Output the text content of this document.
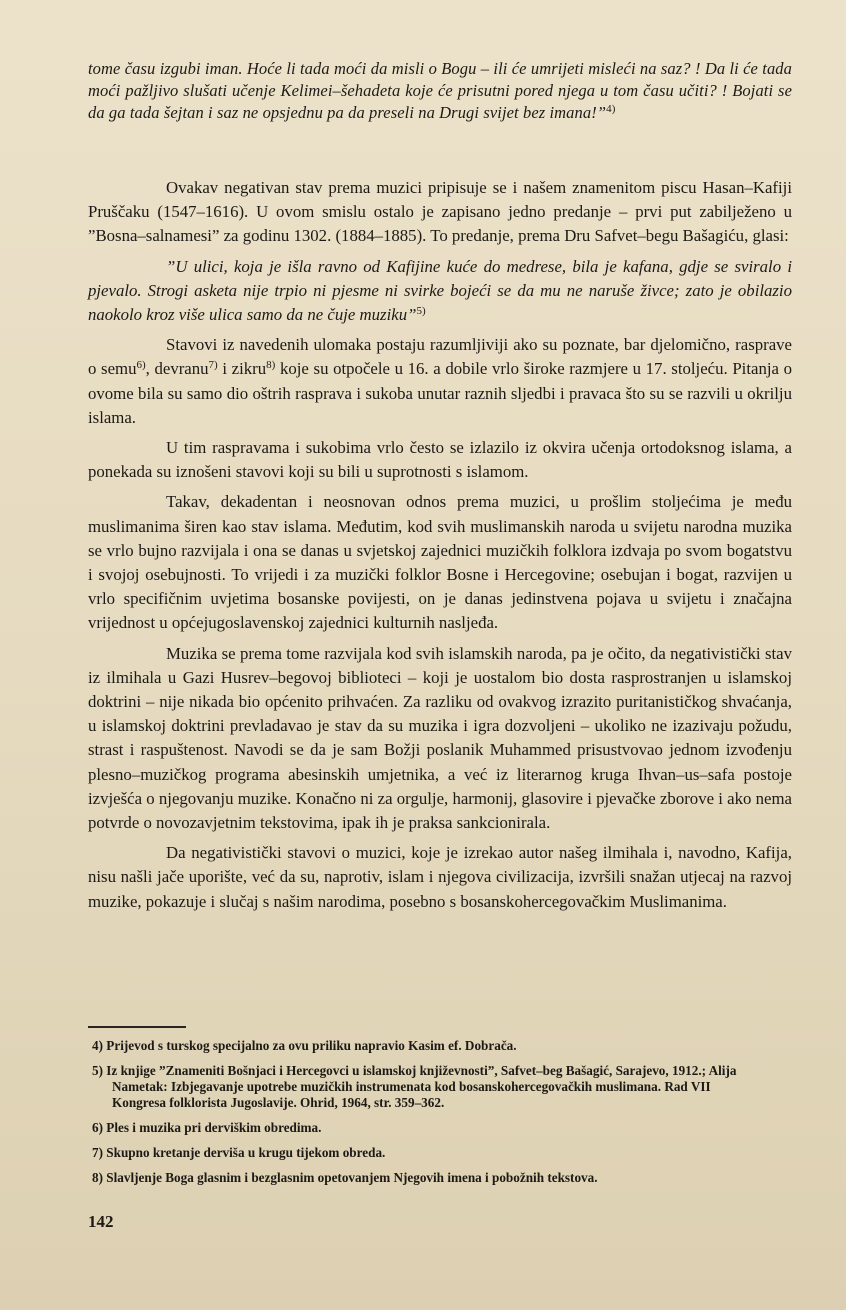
tome času izgubi iman. Hoće li tada moći da misli o Bogu – ili će umrijeti misleći na saz? ! Da li će tada moći pažljivo slušati učenje Kelimei–šehadeta koje će prisutni pored njega u tom času učiti? ! Bojati se da ga tada šejtan i saz ne opsjednu pa da preseli na Drugi svijet bez imana!”$^{4)}$

Ovakav negativan stav prema muzici pripisuje se i našem znamenitom piscu Hasan–Kafiji Pruščaku (1547–1616). U ovom smislu ostalo je zapisano jedno predanje – prvi put zabilježeno u ”Bosna–salnamesi” za godinu 1302. (1884–1885). To predanje, prema Dru Safvet–begu Bašagiću, glasi:

”U ulici, koja je išla ravno od Kafijine kuće do medrese, bila je kafana, gdje se sviralo i pjevalo. Strogi asketa nije trpio ni pjesme ni svirke bojeći se da mu ne naruše živce; zato je obilazio naokolo kroz više ulica samo da ne čuje muziku”$^{5)}$

Stavovi iz navedenih ulomaka postaju razumljiviji ako su poznate, bar djelomično, rasprave o semu$^{6)}$, devranu$^{7)}$ i zikru$^{8)}$ koje su otpočele u 16. a dobile vrlo široke razmjere u 17. stoljeću. Pitanja o ovome bila su samo dio oštrih rasprava i sukoba unutar raznih sljedbi i pravaca što su se razvili u okrilju islama.

U tim raspravama i sukobima vrlo često se izlazilo iz okvira učenja ortodoksnog islama, a ponekada su iznošeni stavovi koji su bili u suprotnosti s islamom.

Takav, dekadentan i neosnovan odnos prema muzici, u prošlim stoljećima je među muslimanima širen kao stav islama. Međutim, kod svih muslimanskih naroda u svijetu narodna muzika se vrlo bujno razvijala i ona se danas u svjetskoj zajednici muzičkih folklora izdvaja po svom bogatstvu i svojoj osebujnosti. To vrijedi i za muzički folklor Bosne i Hercegovine; osebujan i bogat, razvijen u vrlo specifičnim uvjetima bosanske povijesti, on je danas jedinstvena pojava u svijetu i značajna vrijednost u općejugoslavenskoj zajednici kulturnih nasljeđa.

Muzika se prema tome razvijala kod svih islamskih naroda, pa je očito, da negativistički stav iz ilmihala u Gazi Husrev–begovoj biblioteci – koji je uostalom bio dosta rasprostranjen u islamskoj doktrini – nije nikada bio općenito prihvaćen. Za razliku od ovakvog izrazito puritanističkog shvaćanja, u islamskoj doktrini prevladavao je stav da su muzika i igra dozvoljeni – ukoliko ne izazivaju požudu, strast i raspuštenost. Navodi se da je sam Božji poslanik Muhammed prisustvovao jednom izvođenju plesno–muzičkog programa abesinskih umjetnika, a već iz literarnog kruga Ihvan–us–safa postoje izvješća o njegovanju muzike. Konačno ni za orgulje, harmonij, glasovire i pjevačke zborove i ako nema potvrde o novozavjetnim tekstovima, ipak ih je praksa sankcionirala.

Da negativistički stavovi o muzici, koje je izrekao autor našeg ilmihala i, navodno, Kafija, nisu našli jače uporište, već da su, naprotiv, islam i njegova civilizacija, izvršili snažan utjecaj na razvoj muzike, pokazuje i slučaj s našim narodima, posebno s bosanskohercegovačkim Muslimanima.

4) Prijevod s turskog specijalno za ovu priliku napravio Kasim ef. Dobrača.
5) Iz knjige ”Znameniti Bošnjaci i Hercegovci u islamskoj književnosti”, Safvet–beg Bašagić, Sarajevo, 1912.; Alija Nametak: Izbjegavanje upotrebe muzičkih instrumenata kod bosanskohercegovačkih muslimana. Rad VII Kongresa folklorista Jugoslavije. Ohrid, 1964, str. 359–362.
6) Ples i muzika pri derviškim obredima.
7) Skupno kretanje derviša u krugu tijekom obreda.
8) Slavljenje Boga glasnim i bezglasnim opetovanjem Njegovih imena i pobožnih tekstova.
142
